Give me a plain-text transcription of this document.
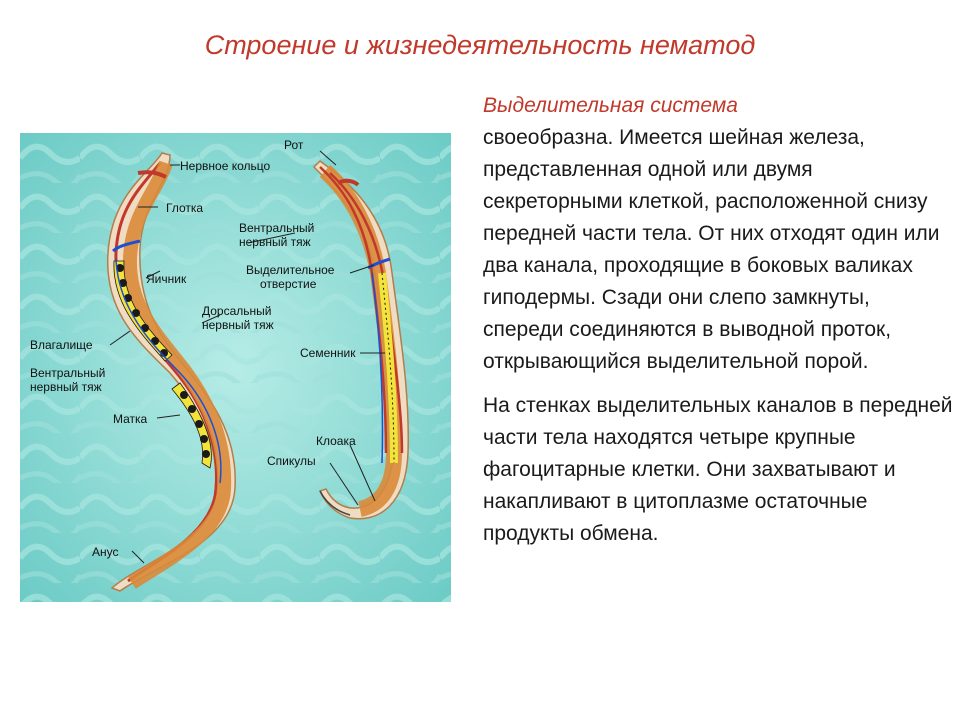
Строение и жизнедеятельность нематод
Рот
Нервное кольцо
Глотка
Вентральный
нервный тяж
Выделительное
отверстие
Яичник
Дорсальный
нервный тяж
Семенник
Влагалище
Вентральный
нервный тяж
Матка
Клоака
Спикулы
Анус

Выделительная система
своеобразна. Имеется шейная железа, представленная одной или двумя секреторными клеткой, расположенной снизу передней части тела. От них отходят один или два канала, проходящие в боковых валиках гиподермы. Сзади они слепо замкнуты, спереди соединяются в выводной проток, открывающийся выделительной порой.

На стенках выделительных каналов в передней части тела находятся четыре крупные фагоцитарные клетки. Они захватывают и накапливают в цитоплазме остаточные продукты обмена.
